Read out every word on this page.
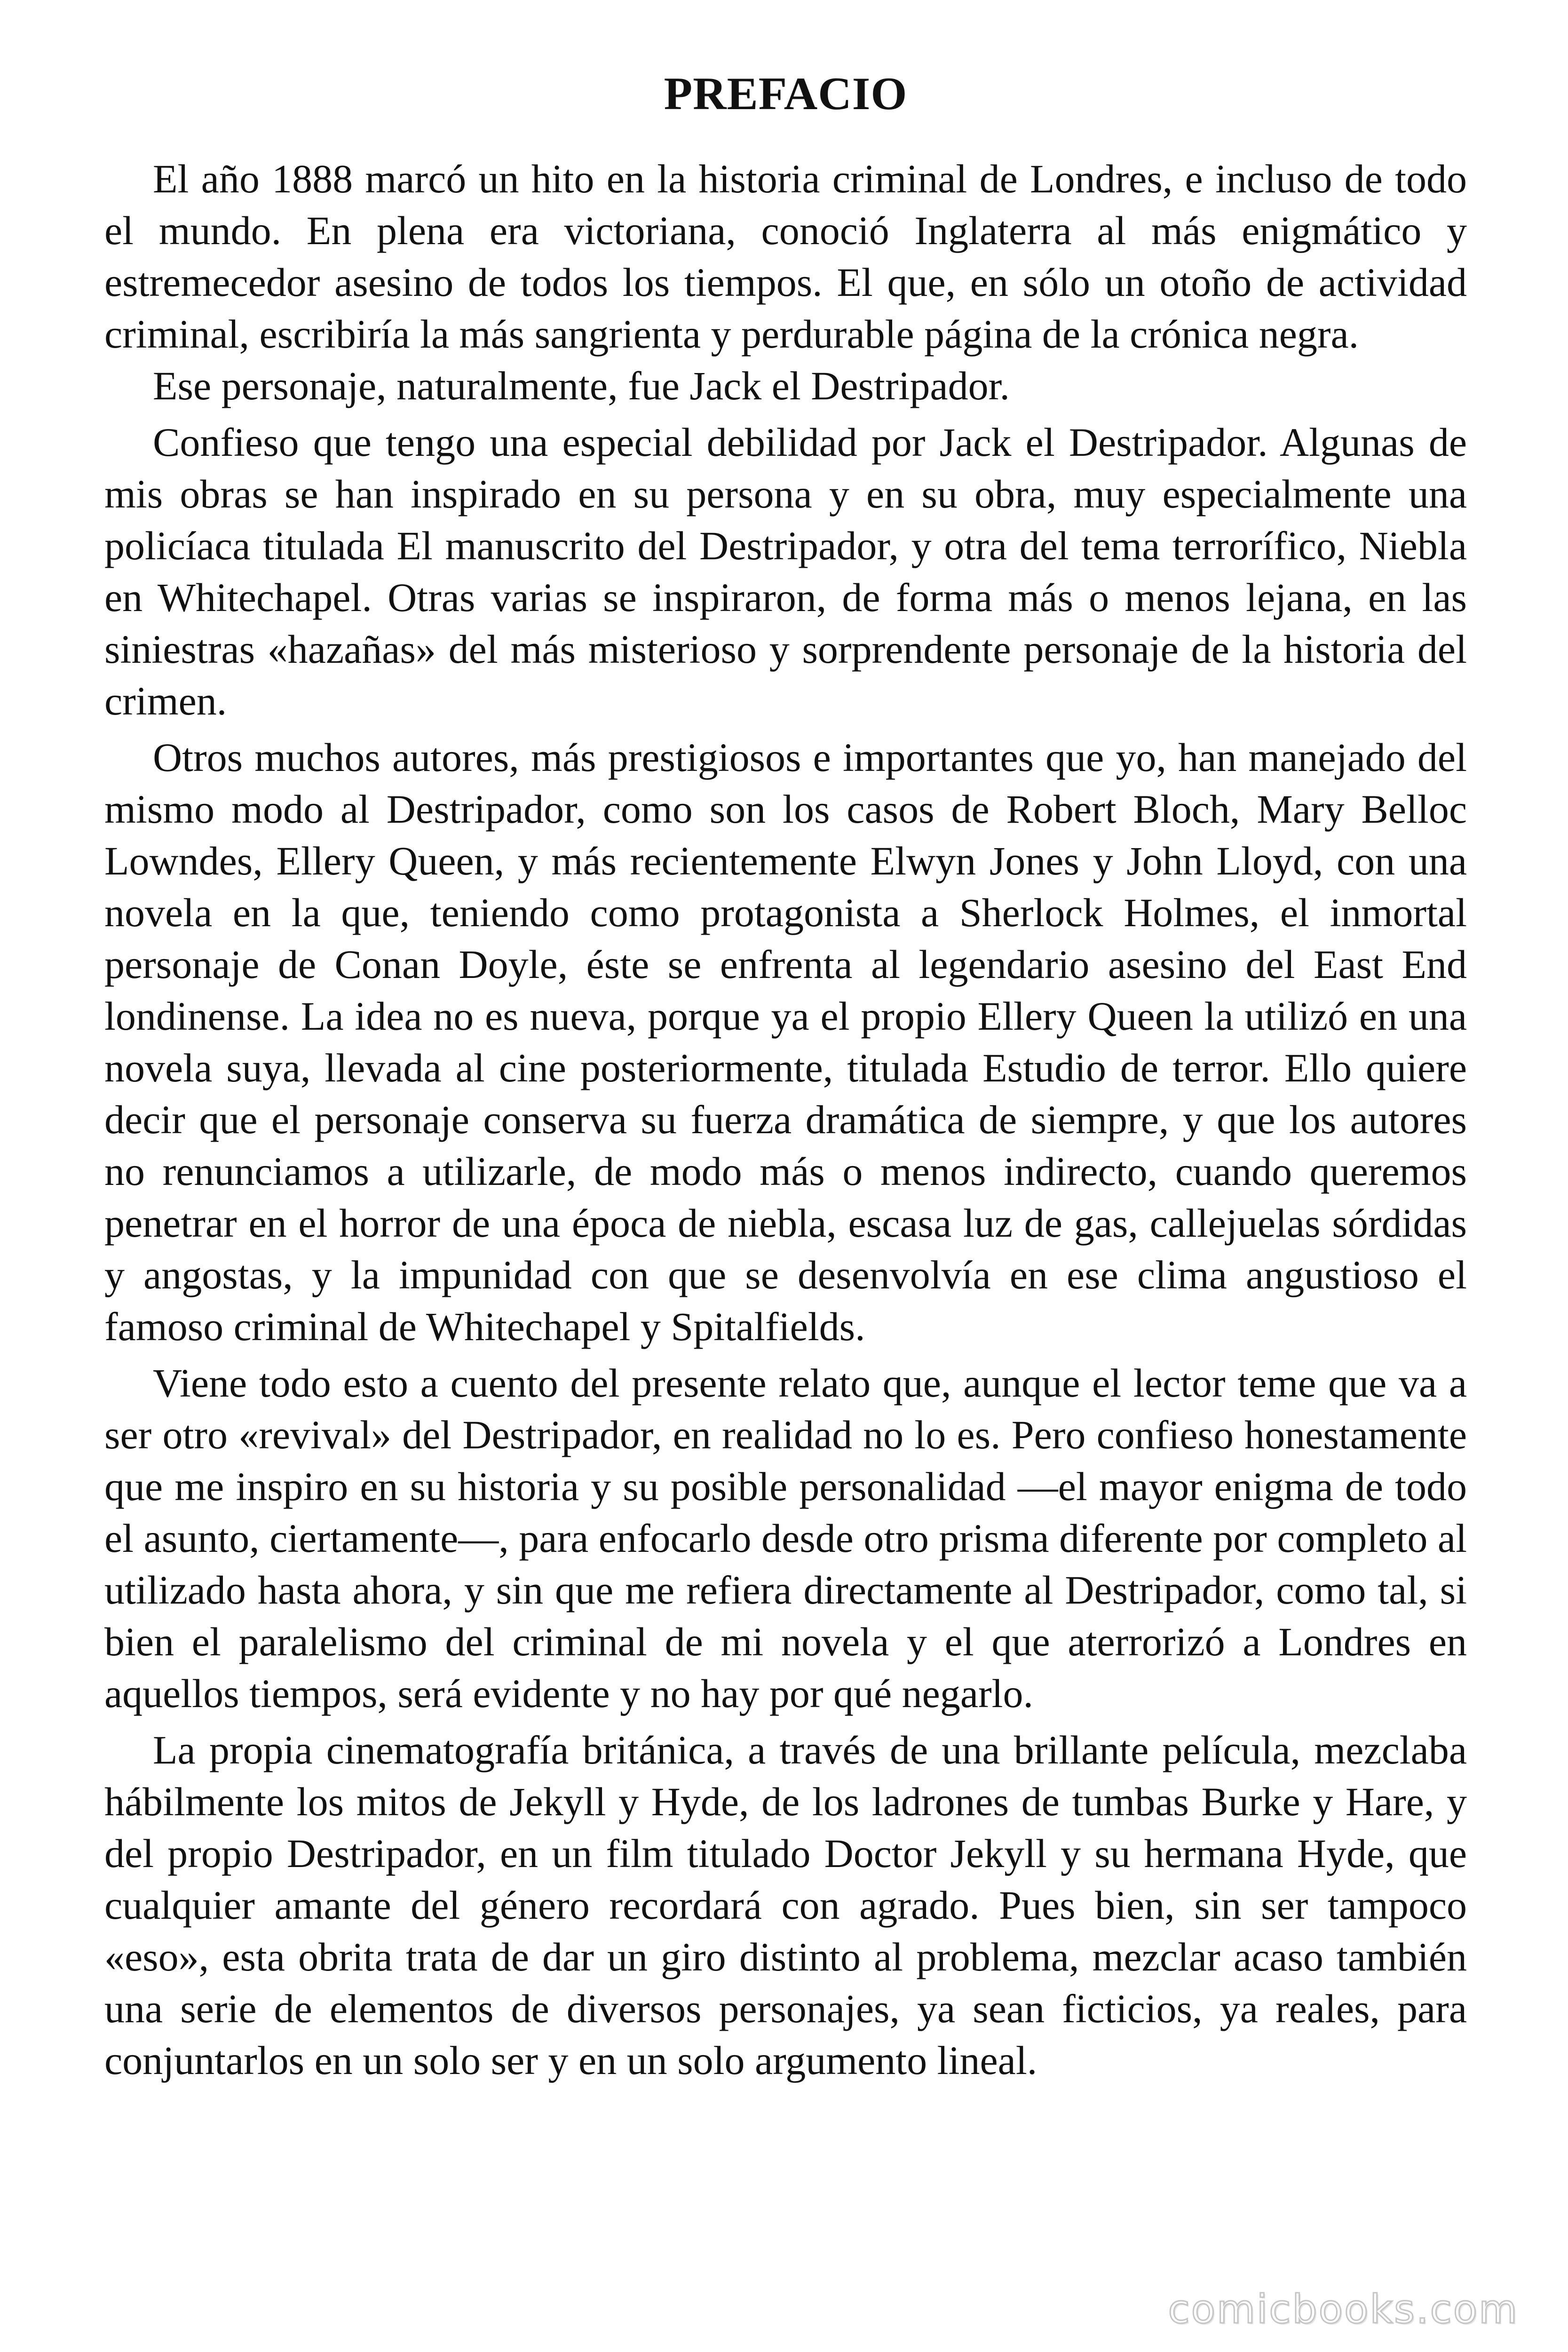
PREFACIO

El año 1888 marcó un hito en la historia criminal de Londres, e incluso de todo el mundo. En plena era victoriana, conoció Inglaterra al más enigmático y estremecedor asesino de todos los tiempos. El que, en sólo un otoño de actividad criminal, escribiría la más sangrienta y perdurable página de la crónica negra.

Ese personaje, naturalmente, fue Jack el Destripador.

Confieso que tengo una especial debilidad por Jack el Destripador. Algunas de mis obras se han inspirado en su persona y en su obra, muy especialmente una policíaca titulada El manuscrito del Destripador, y otra del tema terrorífico, Niebla en Whitechapel. Otras varias se inspiraron, de forma más o menos lejana, en las siniestras «hazañas» del más misterioso y sorprendente personaje de la historia del crimen.

Otros muchos autores, más prestigiosos e importantes que yo, han manejado del mismo modo al Destripador, como son los casos de Robert Bloch, Mary Belloc Lowndes, Ellery Queen, y más recientemente Elwyn Jones y John Lloyd, con una novela en la que, teniendo como protagonista a Sherlock Holmes, el inmortal personaje de Conan Doyle, éste se enfrenta al legendario asesino del East End londinense. La idea no es nueva, porque ya el propio Ellery Queen la utilizó en una novela suya, llevada al cine posteriormente, titulada Estudio de terror. Ello quiere decir que el personaje conserva su fuerza dramática de siempre, y que los autores no renunciamos a utilizarle, de modo más o menos indirecto, cuando queremos penetrar en el horror de una época de niebla, escasa luz de gas, callejuelas sórdidas y angostas, y la impunidad con que se desenvolvía en ese clima angustioso el famoso criminal de Whitechapel y Spitalfields.

Viene todo esto a cuento del presente relato que, aunque el lector teme que va a ser otro «revival» del Destripador, en realidad no lo es. Pero confieso honestamente que me inspiro en su historia y su posible personalidad —el mayor enigma de todo el asunto, ciertamente—, para enfocarlo desde otro prisma diferente por completo al utilizado hasta ahora, y sin que me refiera directamente al Destripador, como tal, si bien el paralelismo del criminal de mi novela y el que aterrorizó a Londres en aquellos tiempos, será evidente y no hay por qué negarlo.

La propia cinematografía británica, a través de una brillante película, mezclaba hábilmente los mitos de Jekyll y Hyde, de los ladrones de tumbas Burke y Hare, y del propio Destripador, en un film titulado Doctor Jekyll y su hermana Hyde, que cualquier amante del género recordará con agrado. Pues bien, sin ser tampoco «eso», esta obrita trata de dar un giro distinto al problema, mezclar acaso también una serie de elementos de diversos personajes, ya sean ficticios, ya reales, para conjuntarlos en un solo ser y en un solo argumento lineal.

comicbooks.com
